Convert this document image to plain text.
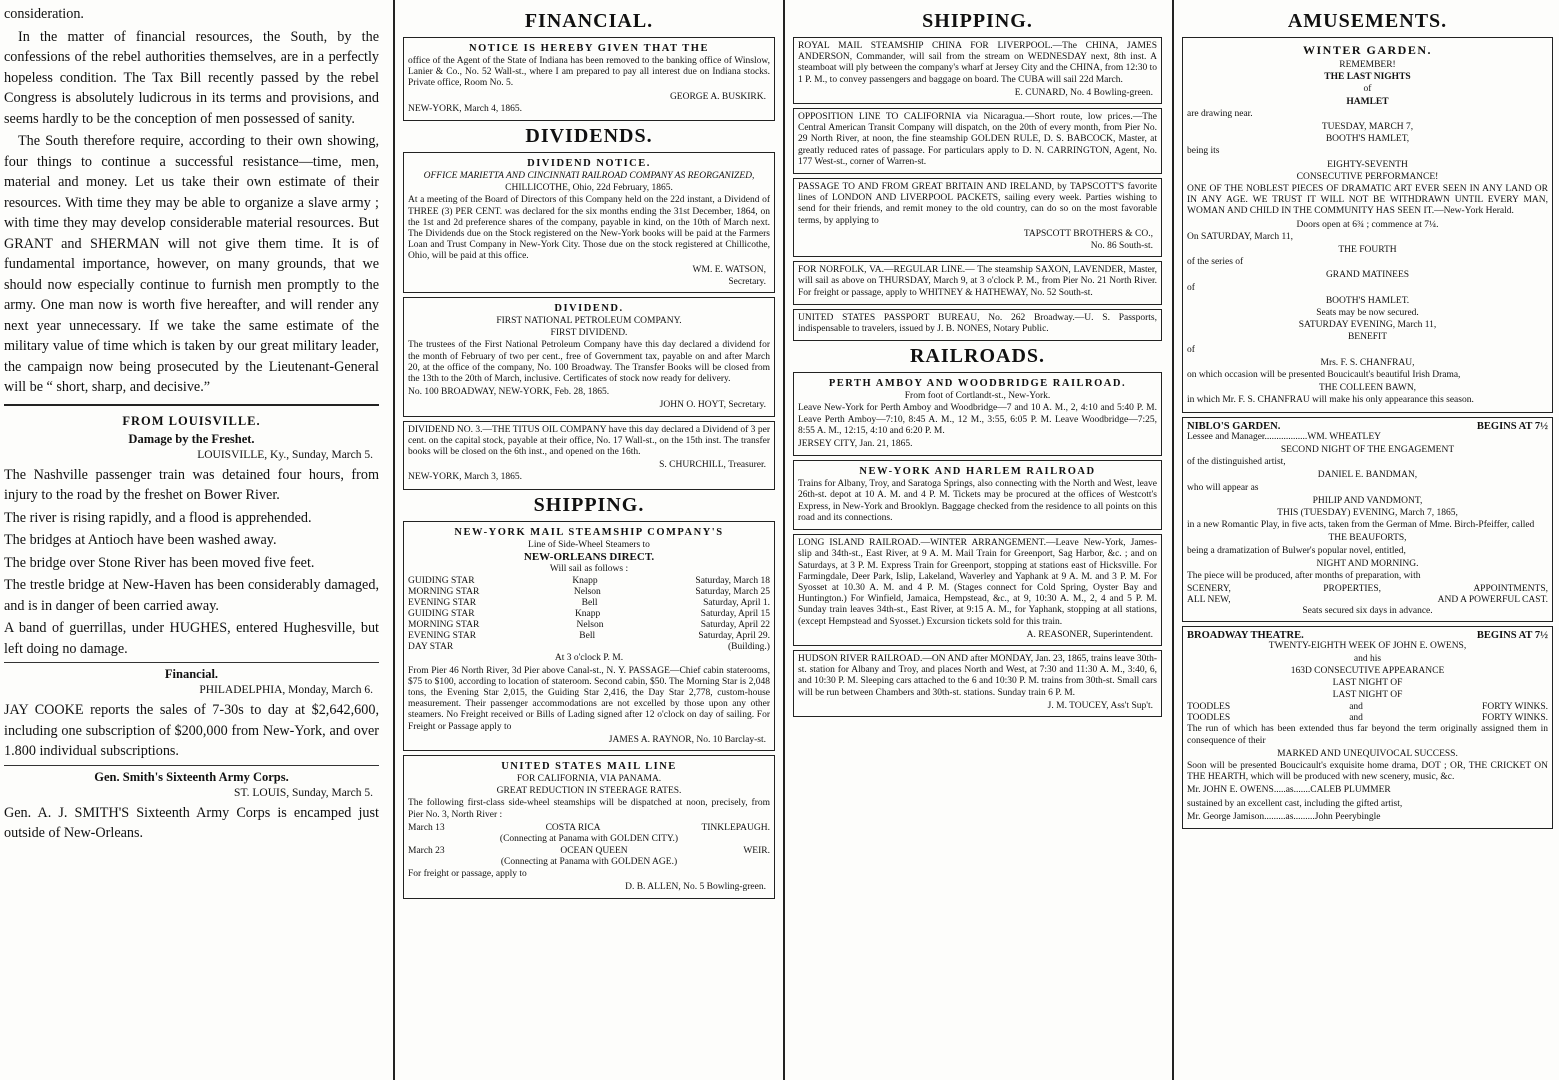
consideration.

In the matter of financial resources, the South, by the confessions of the rebel authorities themselves, are in a perfectly hopeless condition. The Tax Bill recently passed by the rebel Congress is absolutely ludicrous in its terms and provisions, and seems hardly to be the conception of men possessed of sanity.

The South therefore require, according to their own showing, four things to continue a successful resistance—time, men, material and money. Let us take their own estimate of their resources. With time they may be able to organize a slave army ; with time they may develop considerable material resources. But GRANT and SHERMAN will not give them time. It is of fundamental importance, however, on many grounds, that we should now especially continue to furnish men promptly to the army. One man now is worth five hereafter, and will render any next year unnecessary. If we take the same estimate of the military value of time which is taken by our great military leader, the campaign now being prosecuted by the Lieutenant-General will be “ short, sharp, and decisive.”

FROM LOUISVILLE.
Damage by the Freshet.
LOUISVILLE, Ky., Sunday, March 5.

The Nashville passenger train was detained four hours, from injury to the road by the freshet on Bower River.

The river is rising rapidly, and a flood is apprehended.

The bridges at Antioch have been washed away.

The bridge over Stone River has been moved five feet.

The trestle bridge at New-Haven has been considerably damaged, and is in danger of been carried away.

A band of guerrillas, under HUGHES, entered Hughesville, but left doing no damage.

Financial.
PHILADELPHIA, Monday, March 6.

JAY COOKE reports the sales of 7-30s to day at $2,642,600, including one subscription of $200,000 from New-York, and over 1.800 individual subscriptions.

Gen. Smith's Sixteenth Army Corps.
ST. LOUIS, Sunday, March 5.

Gen. A. J. SMITH'S Sixteenth Army Corps is encamped just outside of New-Orleans.

FINANCIAL.
NOTICE IS HEREBY GIVEN THAT THE

office of the Agent of the State of Indiana has been removed to the banking office of Winslow, Lanier & Co., No. 52 Wall-st., where I am prepared to pay all interest due on Indiana stocks. Private office, Room No. 5.

GEORGE A. BUSKIRK.

NEW-YORK, March 4, 1865.

DIVIDENDS.
DIVIDEND NOTICE.

OFFICE MARIETTA AND CINCINNATI RAILROAD COMPANY AS REORGANIZED,

CHILLICOTHE, Ohio, 22d February, 1865.

At a meeting of the Board of Directors of this Company held on the 22d instant, a Dividend of THREE (3) PER CENT. was declared for the six months ending the 31st December, 1864, on the 1st and 2d preference shares of the company, payable in kind, on the 10th of March next. The Dividends due on the Stock registered on the New-York books will be paid at the Farmers Loan and Trust Company in New-York City. Those due on the stock registered at Chillicothe, Ohio, will be paid at this office.

WM. E. WATSON,

Secretary.

DIVIDEND.

FIRST NATIONAL PETROLEUM COMPANY.

FIRST DIVIDEND.

The trustees of the First National Petroleum Company have this day declared a dividend for the month of February of two per cent., free of Government tax, payable on and after March 20, at the office of the company, No. 100 Broadway. The Transfer Books will be closed from the 13th to the 20th of March, inclusive. Certificates of stock now ready for delivery.

No. 100 BROADWAY, NEW-YORK, Feb. 28, 1865.

JOHN O. HOYT, Secretary.

DIVIDEND NO. 3.—THE TITUS OIL COMPANY have this day declared a Dividend of 3 per cent. on the capital stock, payable at their office, No. 17 Wall-st., on the 15th inst. The transfer books will be closed on the 6th inst., and opened on the 16th.

S. CHURCHILL, Treasurer.

NEW-YORK, March 3, 1865.

SHIPPING.
NEW-YORK MAIL STEAMSHIP COMPANY'S

Line of Side-Wheel Steamers to

NEW-ORLEANS DIRECT.

Will sail as follows :

GUIDING STAR	Knapp	Saturday, March 18
MORNING STAR	Nelson	Saturday, March 25
EVENING STAR	Bell	Saturday, April 1.
GUIDING STAR	Knapp	Saturday, April 15
MORNING STAR	Nelson	Saturday, April 22
EVENING STAR	Bell	Saturday, April 29.
DAY STAR	(Building.)

At 3 o'clock P. M.

From Pier 46 North River, 3d Pier above Canal-st., N. Y. PASSAGE—Chief cabin staterooms, $75 to $100, according to location of stateroom. Second cabin, $50. The Morning Star is 2,048 tons, the Evening Star 2,015, the Guiding Star 2,416, the Day Star 2,778, custom-house measurement. Their passenger accommodations are not excelled by those upon any other steamers. No Freight received or Bills of Lading signed after 12 o'clock on day of sailing. For Freight or Passage apply to

JAMES A. RAYNOR, No. 10 Barclay-st.

UNITED STATES MAIL LINE

FOR CALIFORNIA, VIA PANAMA.

GREAT REDUCTION IN STEERAGE RATES.

The following first-class side-wheel steamships will be dispatched at noon, precisely, from Pier No. 3, North River :

March 13	COSTA RICA	TINKLEPAUGH.

(Connecting at Panama with GOLDEN CITY.)

March 23	OCEAN QUEEN	WEIR.

(Connecting at Panama with GOLDEN AGE.)

For freight or passage, apply to

D. B. ALLEN, No. 5 Bowling-green.

SHIPPING.

ROYAL MAIL STEAMSHIP CHINA FOR LIVERPOOL.—The CHINA, JAMES ANDERSON, Commander, will sail from the stream on WEDNESDAY next, 8th inst. A steamboat will ply between the company's wharf at Jersey City and the CHINA, from 12:30 to 1 P. M., to convey passengers and baggage on board. The CUBA will sail 22d March.

E. CUNARD, No. 4 Bowling-green.

OPPOSITION LINE TO CALIFORNIA via Nicaragua.—Short route, low prices.—The Central American Transit Company will dispatch, on the 20th of every month, from Pier No. 29 North River, at noon, the fine steamship GOLDEN RULE, D. S. BABCOCK, Master, at greatly reduced rates of passage. For particulars apply to D. N. CARRINGTON, Agent, No. 177 West-st., corner of Warren-st.

PASSAGE TO AND FROM GREAT BRITAIN AND IRELAND, by TAPSCOTT'S favorite lines of LONDON AND LIVERPOOL PACKETS, sailing every week. Parties wishing to send for their friends, and remit money to the old country, can do so on the most favorable terms, by applying to

TAPSCOTT BROTHERS & CO.,

No. 86 South-st.

FOR NORFOLK, VA.—REGULAR LINE.— The steamship SAXON, LAVENDER, Master, will sail as above on THURSDAY, March 9, at 3 o'clock P. M., from Pier No. 21 North River. For freight or passage, apply to WHITNEY & HATHEWAY, No. 52 South-st.

UNITED STATES PASSPORT BUREAU, No. 262 Broadway.—U. S. Passports, indispensable to travelers, issued by J. B. NONES, Notary Public.

RAILROADS.
PERTH AMBOY AND WOODBRIDGE RAILROAD.

From foot of Cortlandt-st., New-York.

Leave New-York for Perth Amboy and Woodbridge—7 and 10 A. M., 2, 4:10 and 5:40 P. M. Leave Perth Amboy—7:10, 8:45 A. M., 12 M., 3:55, 6:05 P. M. Leave Woodbridge—7:25, 8:55 A. M., 12:15, 4:10 and 6:20 P. M.

JERSEY CITY, Jan. 21, 1865.

NEW-YORK AND HARLEM RAILROAD

Trains for Albany, Troy, and Saratoga Springs, also connecting with the North and West, leave 26th-st. depot at 10 A. M. and 4 P. M. Tickets may be procured at the offices of Westcott's Express, in New-York and Brooklyn. Baggage checked from the residence to all points on this road and its connections.

LONG ISLAND RAILROAD.—WINTER ARRANGEMENT.—Leave New-York, James-slip and 34th-st., East River, at 9 A. M. Mail Train for Greenport, Sag Harbor, &c. ; and on Saturdays, at 3 P. M. Express Train for Greenport, stopping at stations east of Hicksville. For Farmingdale, Deer Park, Islip, Lakeland, Waverley and Yaphank at 9 A. M. and 3 P. M. For Syosset at 10.30 A. M. and 4 P. M. (Stages connect for Cold Spring, Oyster Bay and Huntington.) For Winfield, Jamaica, Hempstead, &c., at 9, 10:30 A. M., 2, 4 and 5 P. M. Sunday train leaves 34th-st., East River, at 9:15 A. M., for Yaphank, stopping at all stations, (except Hempstead and Syosset.) Excursion tickets sold for this train.

A. REASONER, Superintendent.

HUDSON RIVER RAILROAD.—ON AND after MONDAY, Jan. 23, 1865, trains leave 30th-st. station for Albany and Troy, and places North and West, at 7:30 and 11:30 A. M., 3:40, 6, and 10:30 P. M. Sleeping cars attached to the 6 and 10:30 P. M. trains from 30th-st. Small cars will be run between Chambers and 30th-st. stations. Sunday train 6 P. M.

J. M. TOUCEY, Ass't Sup't.

AMUSEMENTS.
WINTER GARDEN.

REMEMBER!

THE LAST NIGHTS

of

HAMLET

are drawing near.

TUESDAY, MARCH 7,

BOOTH'S HAMLET,

being its

EIGHTY-SEVENTH

CONSECUTIVE PERFORMANCE!

ONE OF THE NOBLEST PIECES OF DRAMATIC ART EVER SEEN IN ANY LAND OR IN ANY AGE. WE TRUST IT WILL NOT BE WITHDRAWN UNTIL EVERY MAN, WOMAN AND CHILD IN THE COMMUNITY HAS SEEN IT.—New-York Herald.

Doors open at 6¾ ; commence at 7¼.

On SATURDAY, March 11,

THE FOURTH

of the series of

GRAND MATINEES

of

BOOTH'S HAMLET.

Seats may be now secured.

SATURDAY EVENING, March 11,

BENEFIT

of

Mrs. F. S. CHANFRAU,

on which occasion will be presented Boucicault's beautiful Irish Drama,

THE COLLEEN BAWN,

in which Mr. F. S. CHANFRAU will make his only appearance this season.

NIBLO'S GARDEN.	BEGINS AT 7½

Lessee and Manager..................WM. WHEATLEY

SECOND NIGHT OF THE ENGAGEMENT

of the distinguished artist,

DANIEL E. BANDMAN,

who will appear as

PHILIP AND VANDMONT,

THIS (TUESDAY) EVENING, March 7, 1865,

in a new Romantic Play, in five acts, taken from the German of Mme. Birch-Pfeiffer, called

THE BEAUFORTS,

being a dramatization of Bulwer's popular novel, entitled,

NIGHT AND MORNING.

The piece will be produced, after months of preparation, with

SCENERY,	PROPERTIES,	APPOINTMENTS,
ALL NEW,	AND A POWERFUL CAST.

Seats secured six days in advance.

BROADWAY THEATRE.	BEGINS AT 7½

TWENTY-EIGHTH WEEK OF JOHN E. OWENS,

and his

163D CONSECUTIVE APPEARANCE

LAST NIGHT OF

LAST NIGHT OF

TOODLES	and	FORTY WINKS.
TOODLES	and	FORTY WINKS.

The run of which has been extended thus far beyond the term originally assigned them in consequence of their

MARKED AND UNEQUIVOCAL SUCCESS.

Soon will be presented Boucicault's exquisite home drama, DOT ; OR, THE CRICKET ON THE HEARTH, which will be produced with new scenery, music, &c.

Mr. JOHN E. OWENS.....as.......CALEB PLUMMER

sustained by an excellent cast, including the gifted artist,

Mr. George Jamison.........as.........John Peerybingle
